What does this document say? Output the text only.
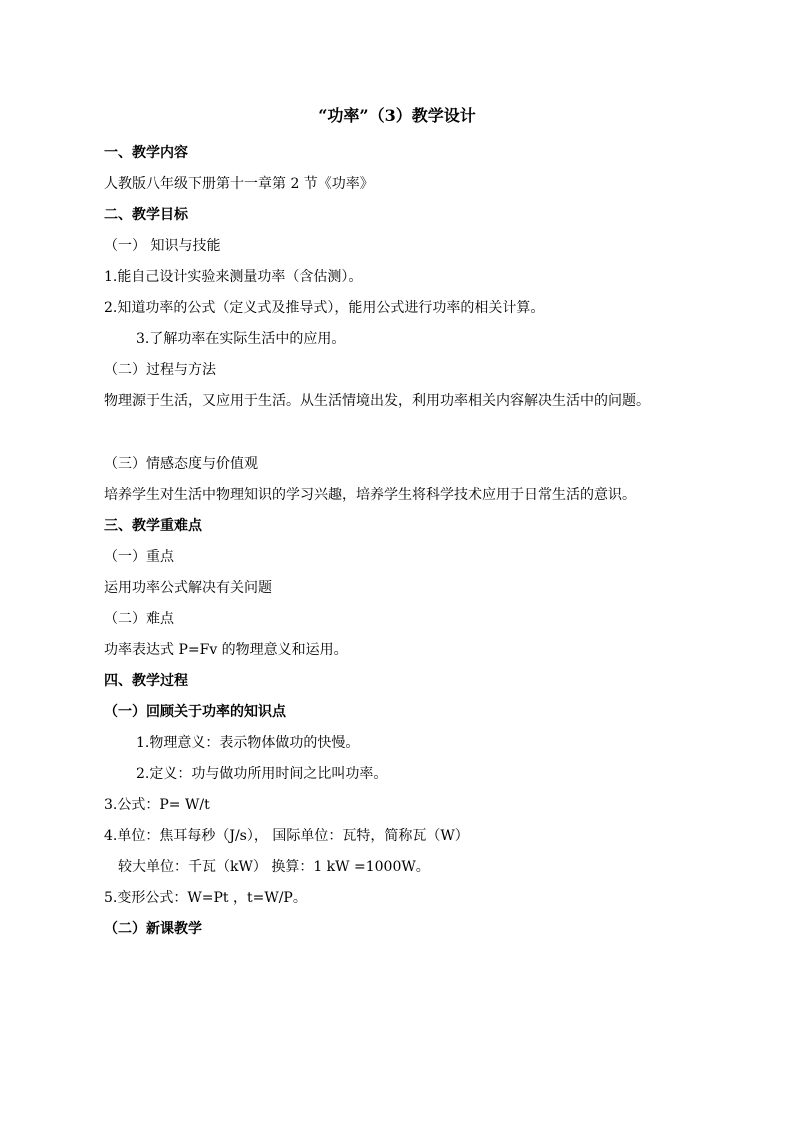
“功率”（3）教学设计
一、教学内容
人教版八年级下册第十一章第 2 节《功率》
二、教学目标
（一） 知识与技能
1.能自己设计实验来测量功率（含估测）。
2.知道功率的公式（定义式及推导式），能用公式进行功率的相关计算。
3.了解功率在实际生活中的应用。
（二）过程与方法
物理源于生活，又应用于生活。从生活情境出发，利用功率相关内容解决生活中的问题。
（三）情感态度与价值观
培养学生对生活中物理知识的学习兴趣，培养学生将科学技术应用于日常生活的意识。
三、教学重难点
（一）重点
运用功率公式解决有关问题
（二）难点
功率表达式 P=Fv 的物理意义和运用。
四、教学过程
（一）回顾关于功率的知识点
1.物理意义：表示物体做功的快慢。
2.定义：功与做功所用时间之比叫功率。
3.公式：P= W/t
4.单位：焦耳每秒（J/s）， 国际单位：瓦特，简称瓦（W）
较大单位：千瓦（kW） 换算：1 kW =1000W。
5.变形公式：W=Pt ，t=W/P。
（二）新课教学
